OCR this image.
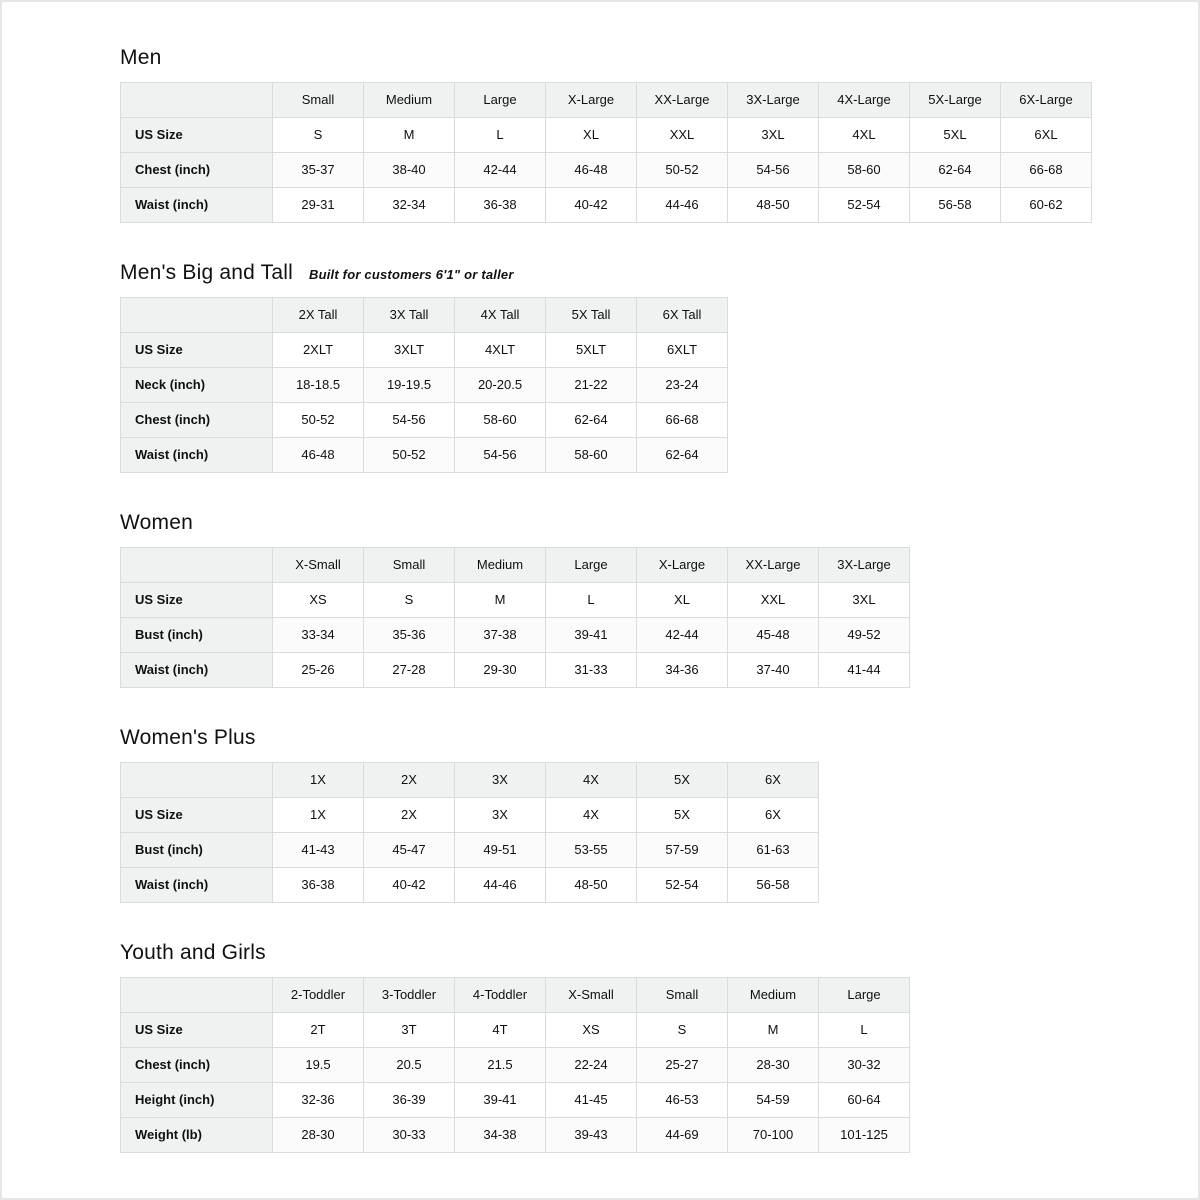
Men
	Small	Medium	Large	X-Large	XX-Large	3X-Large	4X-Large	5X-Large	6X-Large
US Size	S	M	L	XL	XXL	3XL	4XL	5XL	6XL
Chest (inch)	35-37	38-40	42-44	46-48	50-52	54-56	58-60	62-64	66-68
Waist (inch)	29-31	32-34	36-38	40-42	44-46	48-50	52-54	56-58	60-62
Men's Big and Tall Built for customers 6'1" or taller
	2X Tall	3X Tall	4X Tall	5X Tall	6X Tall
US Size	2XLT	3XLT	4XLT	5XLT	6XLT
Neck (inch)	18-18.5	19-19.5	20-20.5	21-22	23-24
Chest (inch)	50-52	54-56	58-60	62-64	66-68
Waist (inch)	46-48	50-52	54-56	58-60	62-64
Women
	X-Small	Small	Medium	Large	X-Large	XX-Large	3X-Large
US Size	XS	S	M	L	XL	XXL	3XL
Bust (inch)	33-34	35-36	37-38	39-41	42-44	45-48	49-52
Waist (inch)	25-26	27-28	29-30	31-33	34-36	37-40	41-44
Women's Plus
	1X	2X	3X	4X	5X	6X
US Size	1X	2X	3X	4X	5X	6X
Bust (inch)	41-43	45-47	49-51	53-55	57-59	61-63
Waist (inch)	36-38	40-42	44-46	48-50	52-54	56-58
Youth and Girls
	2-Toddler	3-Toddler	4-Toddler	X-Small	Small	Medium	Large
US Size	2T	3T	4T	XS	S	M	L
Chest (inch)	19.5	20.5	21.5	22-24	25-27	28-30	30-32
Height (inch)	32-36	36-39	39-41	41-45	46-53	54-59	60-64
Weight (lb)	28-30	30-33	34-38	39-43	44-69	70-100	101-125
